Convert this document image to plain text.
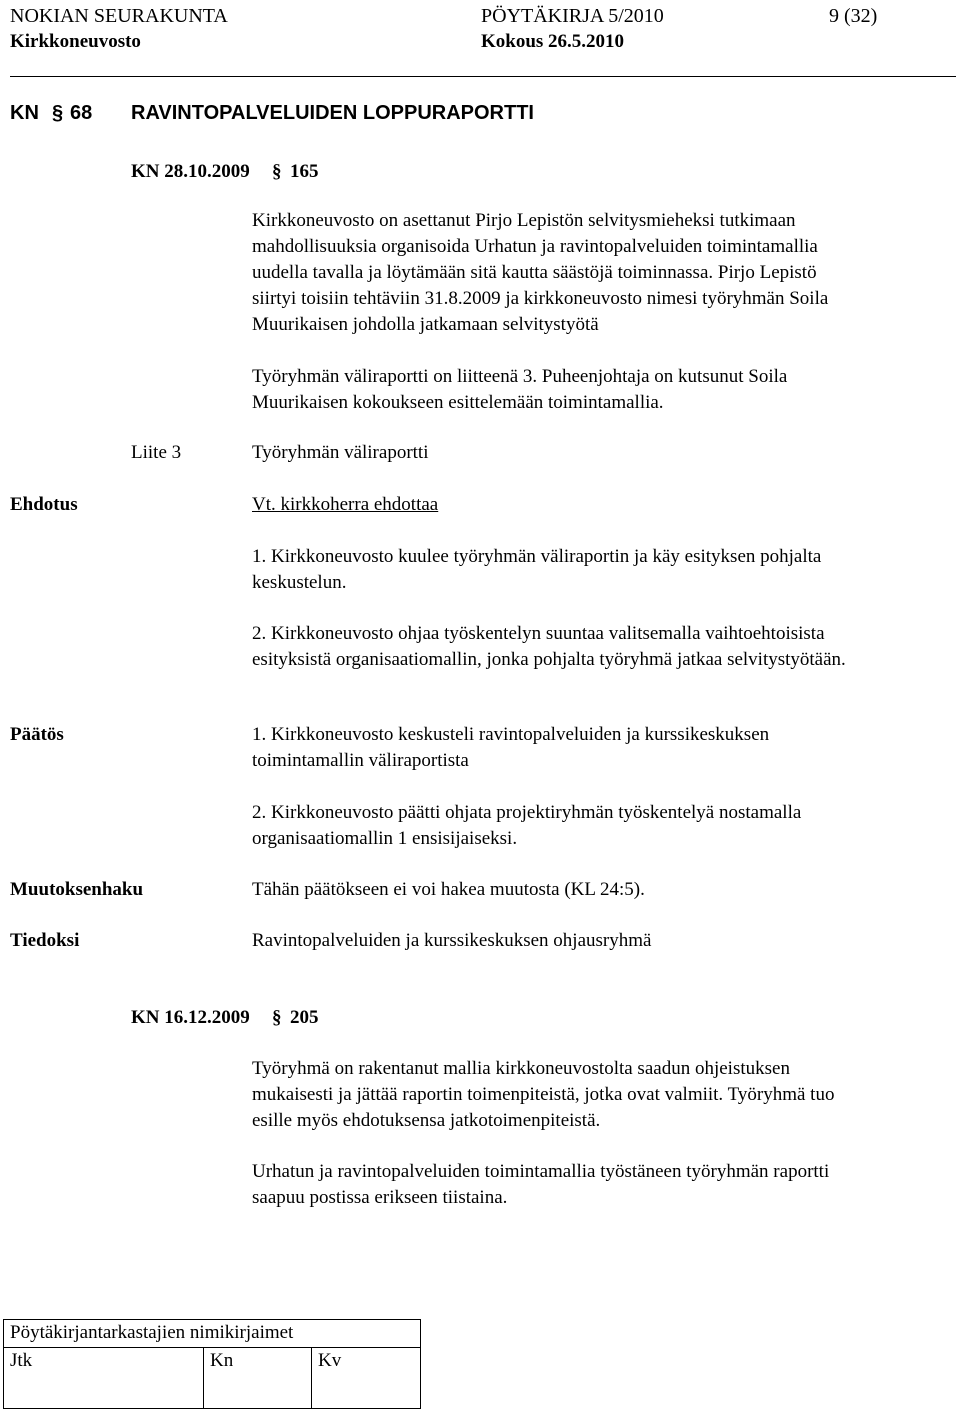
NOKIAN SEURAKUNTA	PÖYTÄKIRJA 5/2010	9 (32)
Kirkkoneuvosto	Kokous 26.5.2010
KN § 68 RAVINTOPALVELUIDEN LOPPURAPORTTI
KN 28.10.2009 § 165
Kirkkoneuvosto on asettanut Pirjo Lepistön selvitysmieheksi tutkimaan
mahdollisuuksia organisoida Urhatun ja ravintopalveluiden toimintamallia
uudella tavalla ja löytämään sitä kautta säästöjä toiminnassa. Pirjo Lepistö
siirtyi toisiin tehtäviin 31.8.2009 ja kirkkoneuvosto nimesi työryhmän Soila
Muurikaisen johdolla jatkamaan selvitystyötä
Työryhmän väliraportti on liitteenä 3. Puheenjohtaja on kutsunut Soila
Muurikaisen kokoukseen esittelemään toimintamallia.
Liite 3	Työryhmän väliraportti
Ehdotus	Vt. kirkkoherra ehdottaa
1. Kirkkoneuvosto kuulee työryhmän väliraportin ja käy esityksen pohjalta
keskustelun.
2. Kirkkoneuvosto ohjaa työskentelyn suuntaa valitsemalla vaihtoehtoisista
esityksistä organisaatiomallin, jonka pohjalta työryhmä jatkaa selvitystyötään.
Päätös	1. Kirkkoneuvosto keskusteli ravintopalveluiden ja kurssikeskuksen
toimintamallin väliraportista
2. Kirkkoneuvosto päätti ohjata projektiryhmän työskentelyä nostamalla
organisaatiomallin 1 ensisijaiseksi.
Muutoksenhaku	Tähän päätökseen ei voi hakea muutosta (KL 24:5).
Tiedoksi	Ravintopalveluiden ja kurssikeskuksen ohjausryhmä
KN 16.12.2009 § 205
Työryhmä on rakentanut mallia kirkkoneuvostolta saadun ohjeistuksen
mukaisesti ja jättää raportin toimenpiteistä, jotka ovat valmiit. Työryhmä tuo
esille myös ehdotuksensa jatkotoimenpiteistä.
Urhatun ja ravintopalveluiden toimintamallia työstäneen työryhmän raportti
saapuu postissa erikseen tiistaina.
Pöytäkirjantarkastajien nimikirjaimet
Jtk	Kn	Kv
